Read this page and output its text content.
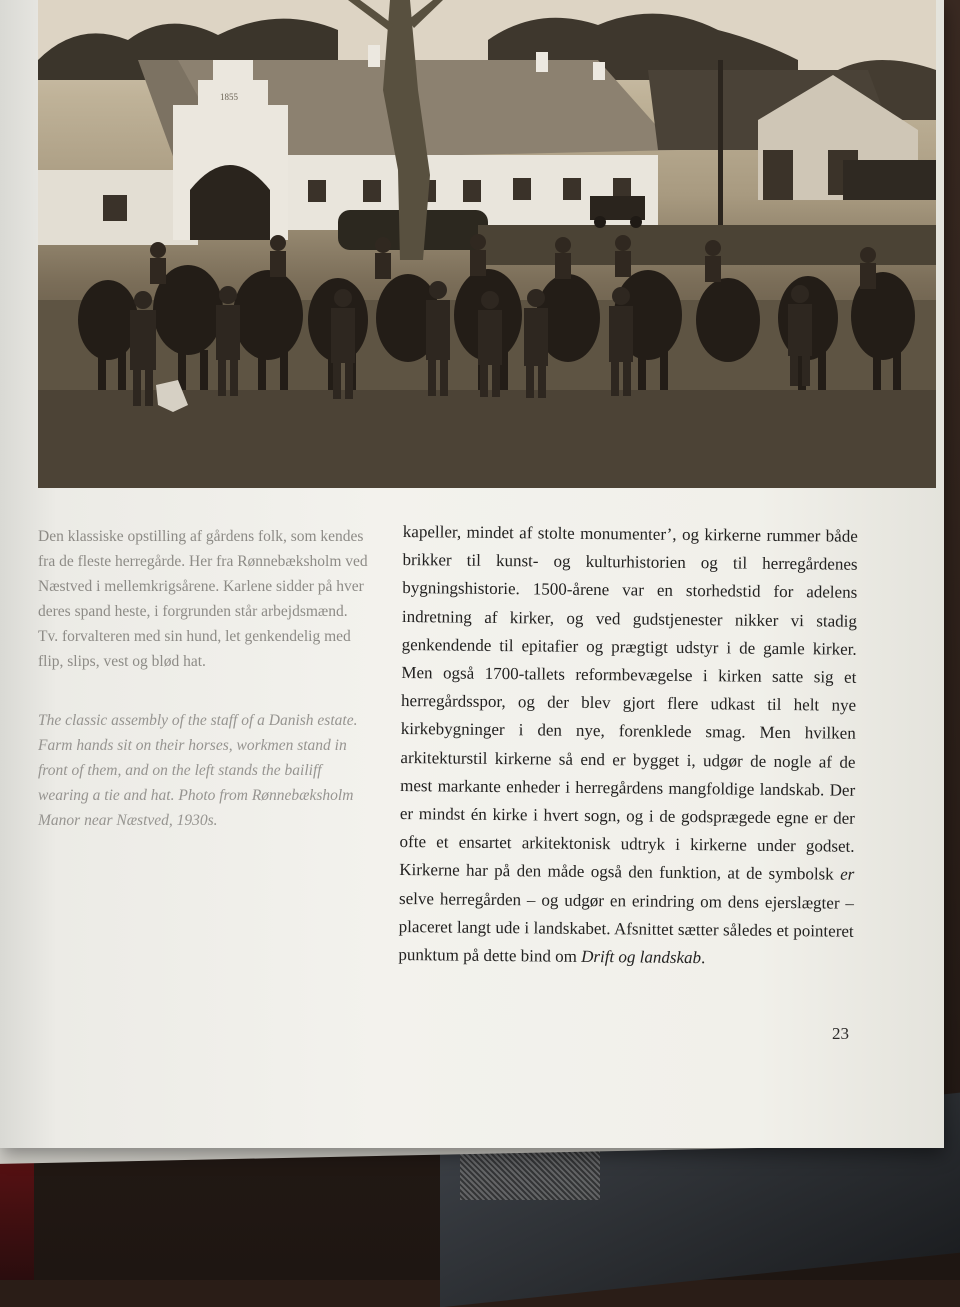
1855
Den klassiske opstilling af gårdens folk, som kendes fra de fleste herregårde. Her fra Rønnebæksholm ved Næstved i mellemkrigsårene. Karlene sidder på hver deres spand heste, i forgrunden står arbejdsmænd. Tv. forvalteren med sin hund, let genkendelig med flip, slips, vest og blød hat.
The classic assembly of the staff of a Danish estate. Farm hands sit on their horses, workmen stand in front of them, and on the left stands the bailiff wearing a tie and hat. Photo from Rønnebæksholm Manor near Næstved, 1930s.

kapeller, mindet af stolte monumenter’, og kirkerne rummer både brikker til kunst- og kulturhistorien og til herregårdenes bygningshistorie. 1500-årene var en storhedstid for adelens indretning af kirker, og ved gudstjenester nikker vi stadig genkendende til epitafier og prægtigt udstyr i de gamle kirker. Men også 1700-tallets reformbevægelse i kirken satte sig et herregårdsspor, og der blev gjort flere udkast til helt nye kirkebygninger i den nye, forenklede smag. Men hvilken arkitekturstil kirkerne så end er bygget i, udgør de nogle af de mest markante enheder i herregårdens mangfoldige landskab. Der er mindst én kirke i hvert sogn, og i de godsprægede egne er der ofte et ensartet arkitektonisk udtryk i kirkerne under godset. Kirkerne har på den måde også den funktion, at de symbolsk er selve herregården – og udgør en erindring om dens ejerslægter – placeret langt ude i landskabet. Afsnittet sætter således et pointeret punktum på dette bind om Drift og landskab.

23
